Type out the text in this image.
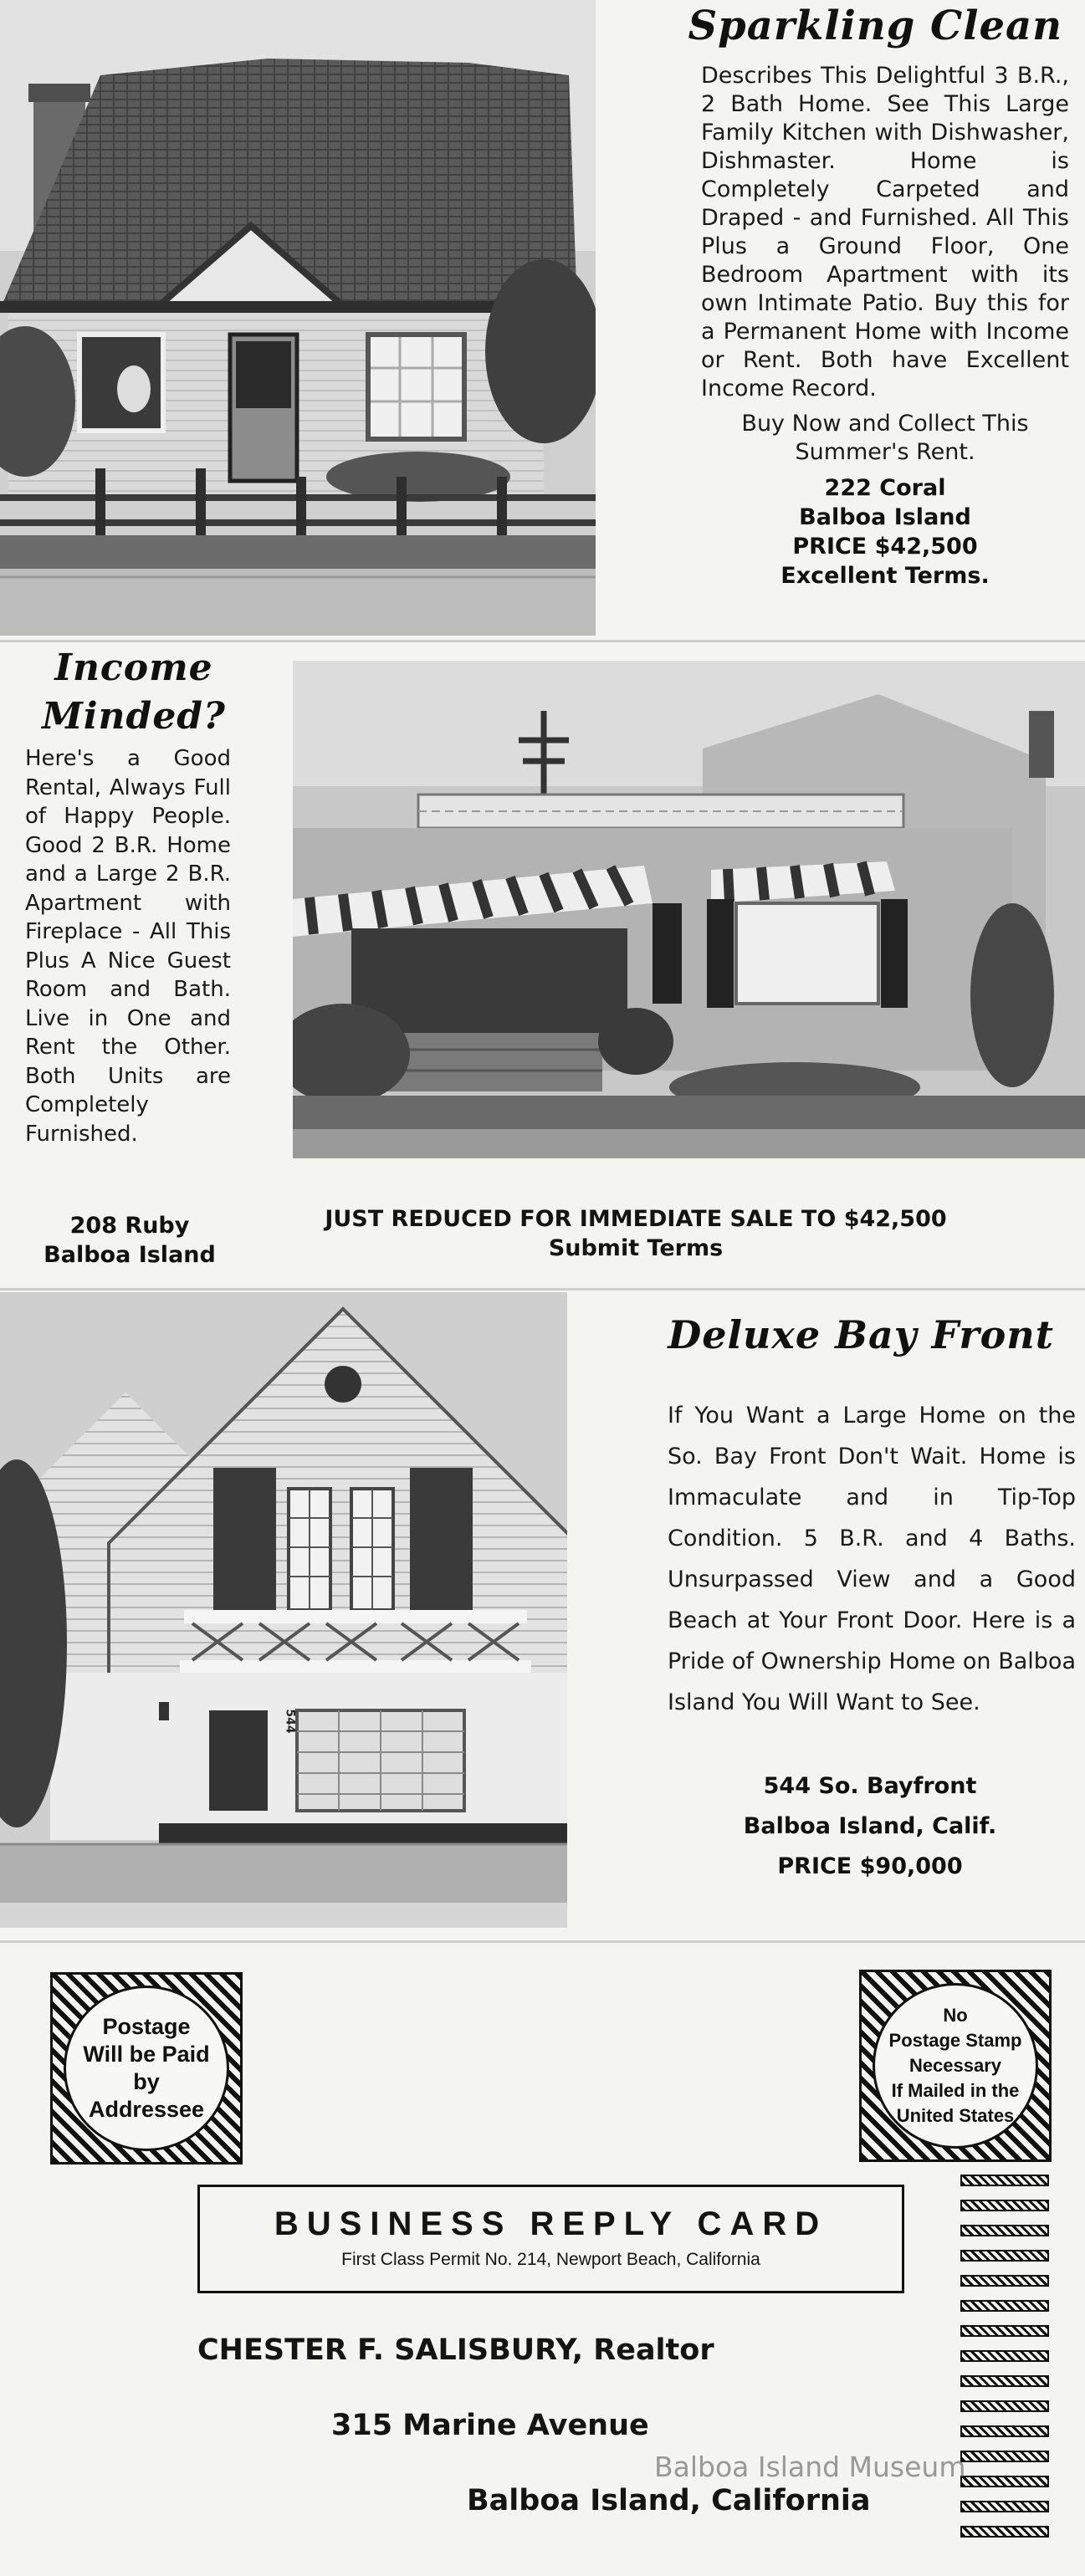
Sparkling Clean
Describes This Delightful 3 B.R., 2 Bath Home. See This Large Family Kitchen with Dishwasher, Dishmaster. Home is Completely Carpeted and Draped - and Furnished. All This Plus a Ground Floor, One Bedroom Apartment with its own Intimate Patio. Buy this for a Permanent Home with Income or Rent. Both have Excellent Income Record.
Buy Now and Collect This Summer's Rent.
222 Coral
Balboa Island
PRICE $42,500
Excellent Terms.
Income
Minded?
Here's a Good Rental, Always Full of Happy People. Good 2 B.R. Home and a Large 2 B.R. Apartment with Fireplace - All This Plus A Nice Guest Room and Bath. Live in One and Rent the Other. Both Units are Completely Furnished.
208 Ruby
Balboa Island
JUST REDUCED FOR IMMEDIATE SALE TO $42,500
Submit Terms
544
Deluxe Bay Front
If You Want a Large Home on the So. Bay Front Don't Wait. Home is Immaculate and in Tip-Top Condition. 5 B.R. and 4 Baths. Unsurpassed View and a Good Beach at Your Front Door. Here is a Pride of Ownership Home on Balboa Island You Will Want to See.
544 So. Bayfront
Balboa Island, Calif.
PRICE $90,000
Postage
Will be Paid
by
Addressee
No
Postage Stamp
Necessary
If Mailed in the
United States
BUSINESS REPLY CARD
First Class Permit No. 214, Newport Beach, California
CHESTER F. SALISBURY, Realtor
315 Marine Avenue
Balboa Island, California
Balboa Island Museum
